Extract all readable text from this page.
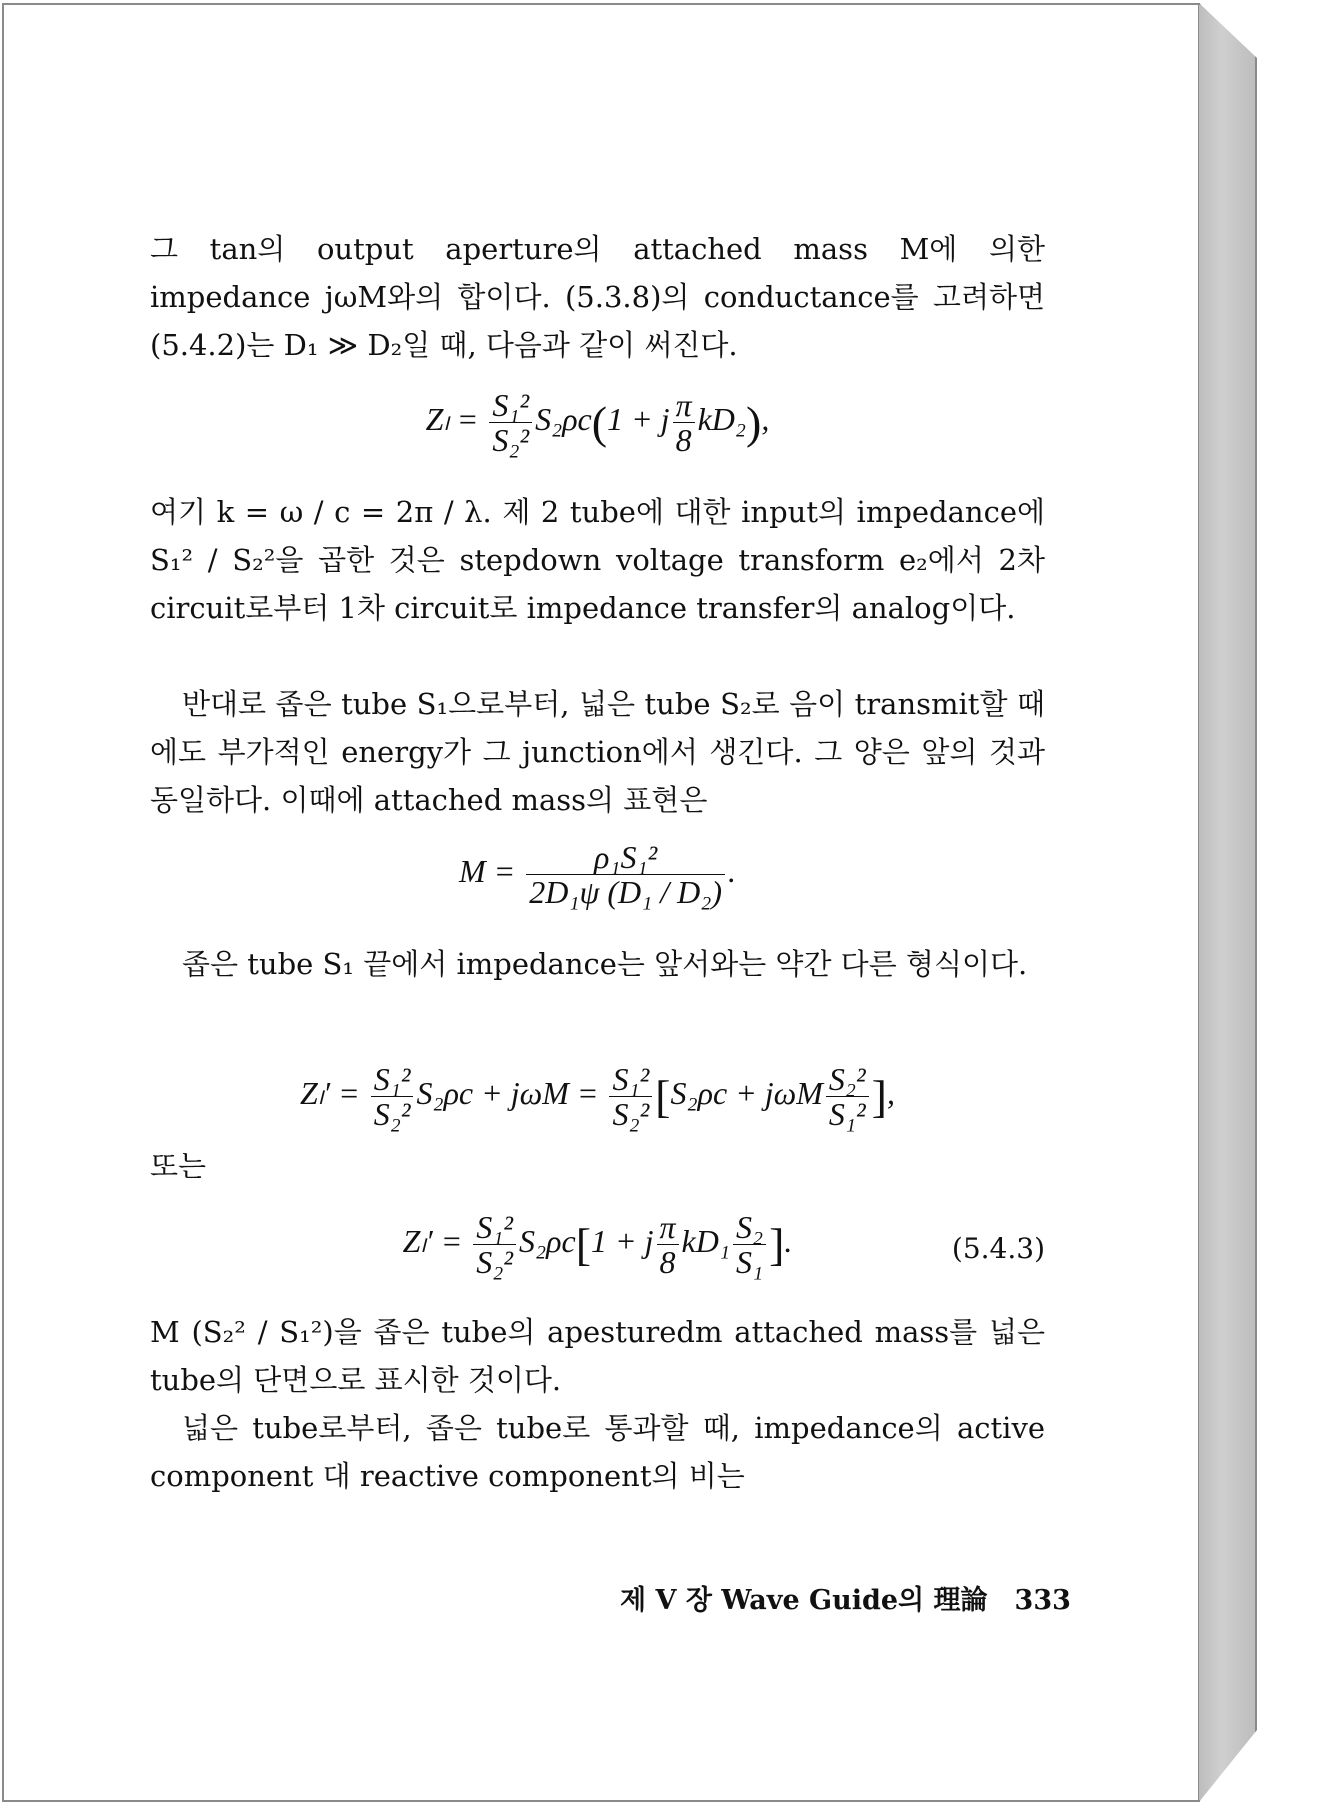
그 tan의 output aperture의 attached mass M에 의한 impedance jωM와의 합이다. (5.3.8)의 conductance를 고려하면 (5.4.2)는 D₁ ≫ D₂일 때, 다음과 같이 써진다.

$Z_l = \frac{\text{S₁²}}{\text{S₂²}} S_2\rho c(1 + j \frac{\pi}{8} kD_2)$,

여기 k = ω / c = 2π / λ. 제 2 tube에 대한 input의 impedance에 S₁² / S₂²을 곱한 것은 stepdown voltage transform e₂에서 2차 circuit로부터 1차 circuit로 impedance transfer의 analog이다.

반대로 좁은 tube S₁으로부터, 넓은 tube S₂로 음이 transmit할 때에도 부가적인 energy가 그 junction에서 생긴다. 그 양은 앞의 것과 동일하다. 이때에 attached mass의 표현은

$M = \frac{\text{ρ₁S₁²}}{\text{2D₁ψ (D₁ / D₂)}}$ .

좁은 tube S₁ 끝에서 impedance는 앞서와는 약간 다른 형식이다.

$Z_l' = \frac{\text{S₁²}}{\text{S₂²}} S_2\rho c + j\omega M = \frac{\text{S₁²}}{\text{S₂²}} [S_2\rho c + j\omega M \frac{\text{S₂²}}{\text{S₁²}}$ ],

또는

$Z_l' = \frac{\text{S₁²}}{\text{S₂²}} S_2\rho c[1 + j \frac{\pi}{8} kD_1 \frac{\text{S₂}}{\text{S₁}}$ ].	(5.4.3)

M (S₂² / S₁²)을 좁은 tube의 apesturedm attached mass를 넓은 tube의 단면으로 표시한 것이다.

넓은 tube로부터, 좁은 tube로 통과할 때, impedance의 active component 대 reactive component의 비는

제 Ⅴ 장 Wave Guide의 理論　333
